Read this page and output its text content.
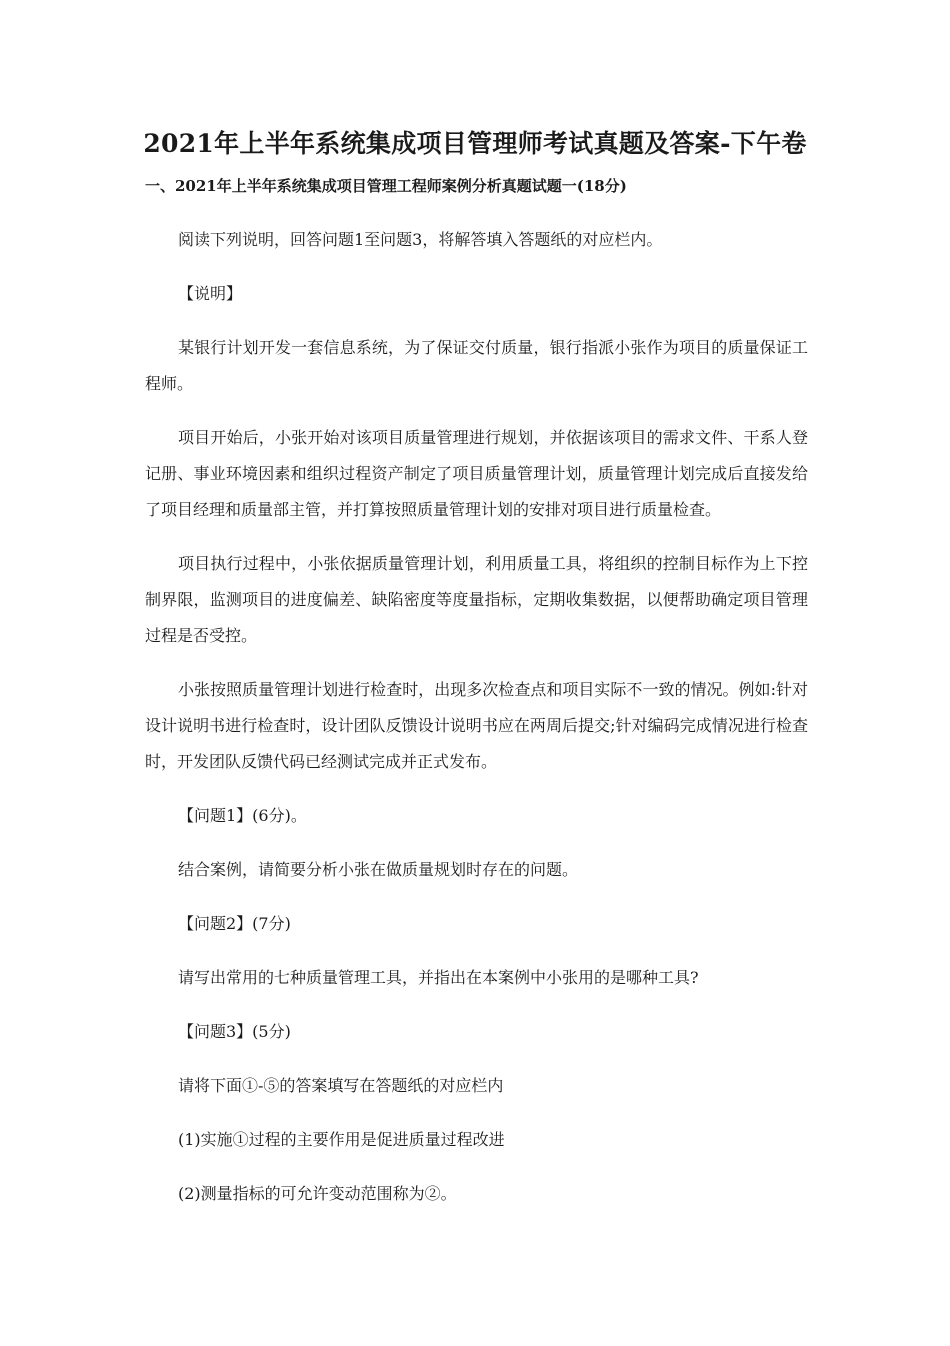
2021年上半年系统集成项目管理师考试真题及答案-下午卷
一、2021年上半年系统集成项目管理工程师案例分析真题试题一(18分)

阅读下列说明，回答问题1至问题3，将解答填入答题纸的对应栏内。

【说明】

某银行计划开发一套信息系统，为了保证交付质量，银行指派小张作为项目的质量保证工程师。

项目开始后，小张开始对该项目质量管理进行规划，并依据该项目的需求文件、干系人登记册、事业环境因素和组织过程资产制定了项目质量管理计划，质量管理计划完成后直接发给了项目经理和质量部主管，并打算按照质量管理计划的安排对项目进行质量检查。

项目执行过程中，小张依据质量管理计划，利用质量工具，将组织的控制目标作为上下控制界限，监测项目的进度偏差、缺陷密度等度量指标，定期收集数据，以便帮助确定项目管理过程是否受控。

小张按照质量管理计划进行检查时，出现多次检查点和项目实际不一致的情况。例如:针对设计说明书进行检查时，设计团队反馈设计说明书应在两周后提交;针对编码完成情况进行检查时，开发团队反馈代码已经测试完成并正式发布。

【问题1】(6分)。

结合案例，请简要分析小张在做质量规划时存在的问题。

【问题2】(7分)

请写出常用的七种质量管理工具，并指出在本案例中小张用的是哪种工具?

【问题3】(5分)

请将下面①-⑤的答案填写在答题纸的对应栏内

(1)实施①过程的主要作用是促进质量过程改进

(2)测量指标的可允许变动范围称为②。
